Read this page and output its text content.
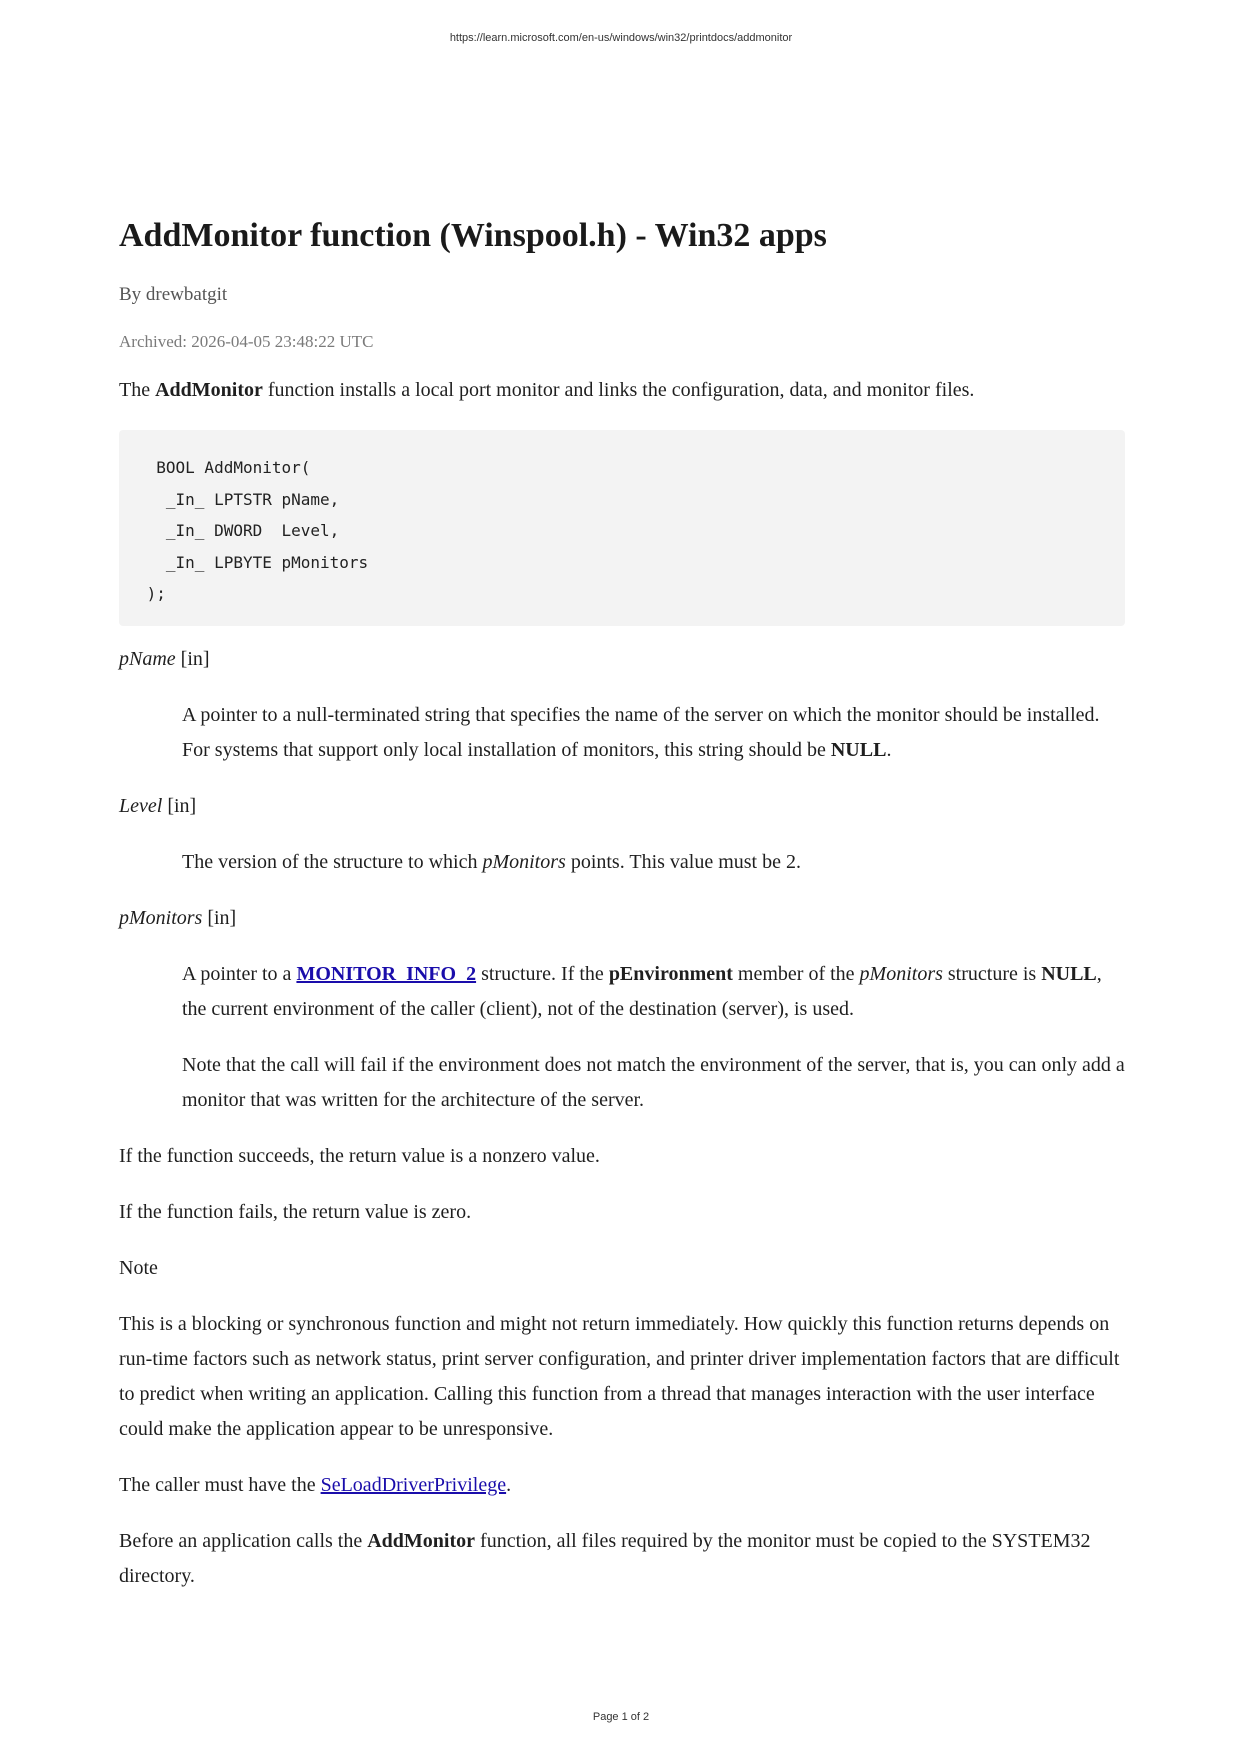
https://learn.microsoft.com/en-us/windows/win32/printdocs/addmonitor
AddMonitor function (Winspool.h) - Win32 apps
By drewbatgit
Archived: 2026-04-05 23:48:22 UTC

The AddMonitor function installs a local port monitor and links the configuration, data, and monitor files.

BOOL AddMonitor(
_In_ LPTSTR pName,
_In_ DWORD  Level,
_In_ LPBYTE pMonitors
);

pName [in]

A pointer to a null-terminated string that specifies the name of the server on which the monitor should be installed. For systems that support only local installation of monitors, this string should be NULL.

Level [in]

The version of the structure to which pMonitors points. This value must be 2.

pMonitors [in]

A pointer to a MONITOR_INFO_2 structure. If the pEnvironment member of the pMonitors structure is NULL, the current environment of the caller (client), not of the destination (server), is used.

Note that the call will fail if the environment does not match the environment of the server, that is, you can only add a monitor that was written for the architecture of the server.

If the function succeeds, the return value is a nonzero value.

If the function fails, the return value is zero.

Note

This is a blocking or synchronous function and might not return immediately. How quickly this function returns depends on run-time factors such as network status, print server configuration, and printer driver implementation factors that are difficult to predict when writing an application. Calling this function from a thread that manages interaction with the user interface could make the application appear to be unresponsive.

The caller must have the SeLoadDriverPrivilege.

Before an application calls the AddMonitor function, all files required by the monitor must be copied to the SYSTEM32 directory.

Page 1 of 2
